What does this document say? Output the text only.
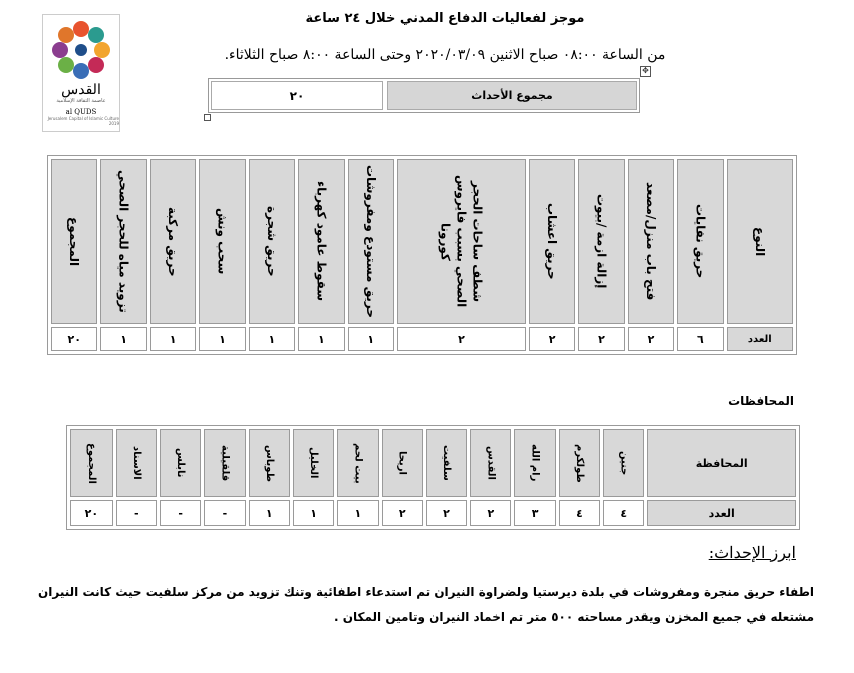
القدس
عاصمة الثقافة الإسلامية
al QUDS
Jerusalem Capital of Islamic Culture 2019
موجز لفعاليات الدفاع المدني خلال ٢٤ ساعة
من الساعة ٠٨:٠٠ صباح الاثنين ٢٠٢٠/٠٣/٠٩ وحتى الساعة ٨:٠٠ صباح الثلاثاء.
✥
مجموع الأحداث
٢٠
النوع	حريق نفايات	فتح باب منزل/مصعد	إزالة ازمة /بيوت	حريق اعشاب	شطف ساحات الحجر الصحي بسبب فايروس كورونا	حريق مستودع ومفروشات	سقوط عامود كهرباء	حريق شجرة	سحب ونش	حريق مركبة	تزويد مياه للحجر الصحي	المجموع

العدد	٦	٢	٢	٢	٢	١	١	١	١	١	١	٢٠
المحافظات
المحافظة	جنين	طولكرم	رام الله	القدس	سلفيت	اريحا	بيت لحم	الخليل	طوباس	قلقيلية	نابلس	الاسناد	المجموع

العدد	٤	٤	٣	٢	٢	٢	١	١	١	-	-	-	٢٠
ابرز الإحداث:
اطفاء حريق منجرة ومفروشات في بلدة ديرستيا ولضراوة النيران تم استدعاء اطفائية وتنك تزويد من مركز سلفيت حيث كانت النيران مشتعله في جميع المخزن ويقدر مساحته ٥٠٠ متر تم اخماد النيران وتامين المكان .
